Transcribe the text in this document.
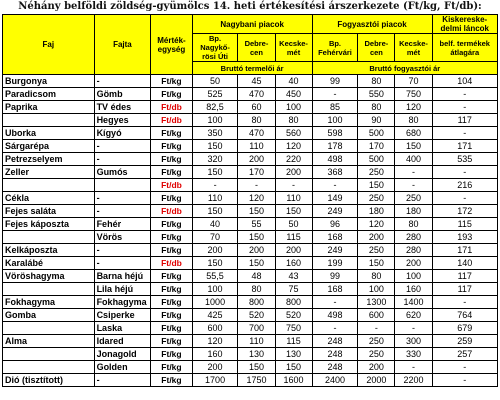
Néhány belföldi zöldség-gyümölcs 14. heti értékesítési árszerkezete (Ft/kg, Ft/db):
Faj	Fajta	Mérték-egység	Nagybani piacok			Fogyasztói piacok			Kiskereske-delmi láncok
			Bp. Nagykő-rösi Úti	Debre-cen	Kecske-mét	Bp. Fehérvári	Debre-cen	Kecske-mét	belf. termékek átlagára
			Bruttó termelői ár			Bruttó fogyasztói ár			
Burgonya	-	Ft/kg	50	45	40	99	80	70	104
Paradicsom	Gömb	Ft/kg	525	470	450	-	550	750	-
Paprika	TV édes	Ft/db	82,5	60	100	85	80	120	-
	Hegyes	Ft/db	100	80	80	100	90	80	117
Uborka	Kígyó	Ft/kg	350	470	560	598	500	680	-
Sárgarépa	-	Ft/kg	150	110	120	178	170	150	171
Petrezselyem	-	Ft/kg	320	200	220	498	500	400	535
Zeller	Gumós	Ft/kg	150	170	200	368	250	-	-
		Ft/db	-	-	-	-	150	-	216
Cékla	-	Ft/kg	110	120	110	149	250	250	-
Fejes saláta	-	Ft/db	150	150	150	249	180	180	172
Fejes káposzta	Fehér	Ft/kg	40	55	50	96	120	80	115
	Vörös	Ft/kg	70	150	115	168	200	280	193
Kelkáposzta	-	Ft/kg	200	200	200	249	250	280	171
Karalábé	-	Ft/db	150	150	160	199	150	200	140
Vöröshagyma	Barna héjú	Ft/kg	55,5	48	43	99	80	100	117
	Lila héjú	Ft/kg	100	80	75	168	100	160	117
Fokhagyma	Fokhagyma	Ft/kg	1000	800	800	-	1300	1400	-
Gomba	Csiperke	Ft/kg	425	520	520	498	600	620	764
	Laska	Ft/kg	600	700	750	-	-	-	679
Alma	Idared	Ft/kg	120	110	115	248	250	300	259
	Jonagold	Ft/kg	160	130	130	248	250	330	257
	Golden	Ft/kg	200	150	150	248	200	-	-
Dió (tisztított)	-	Ft/kg	1700	1750	1600	2400	2000	2200	-
